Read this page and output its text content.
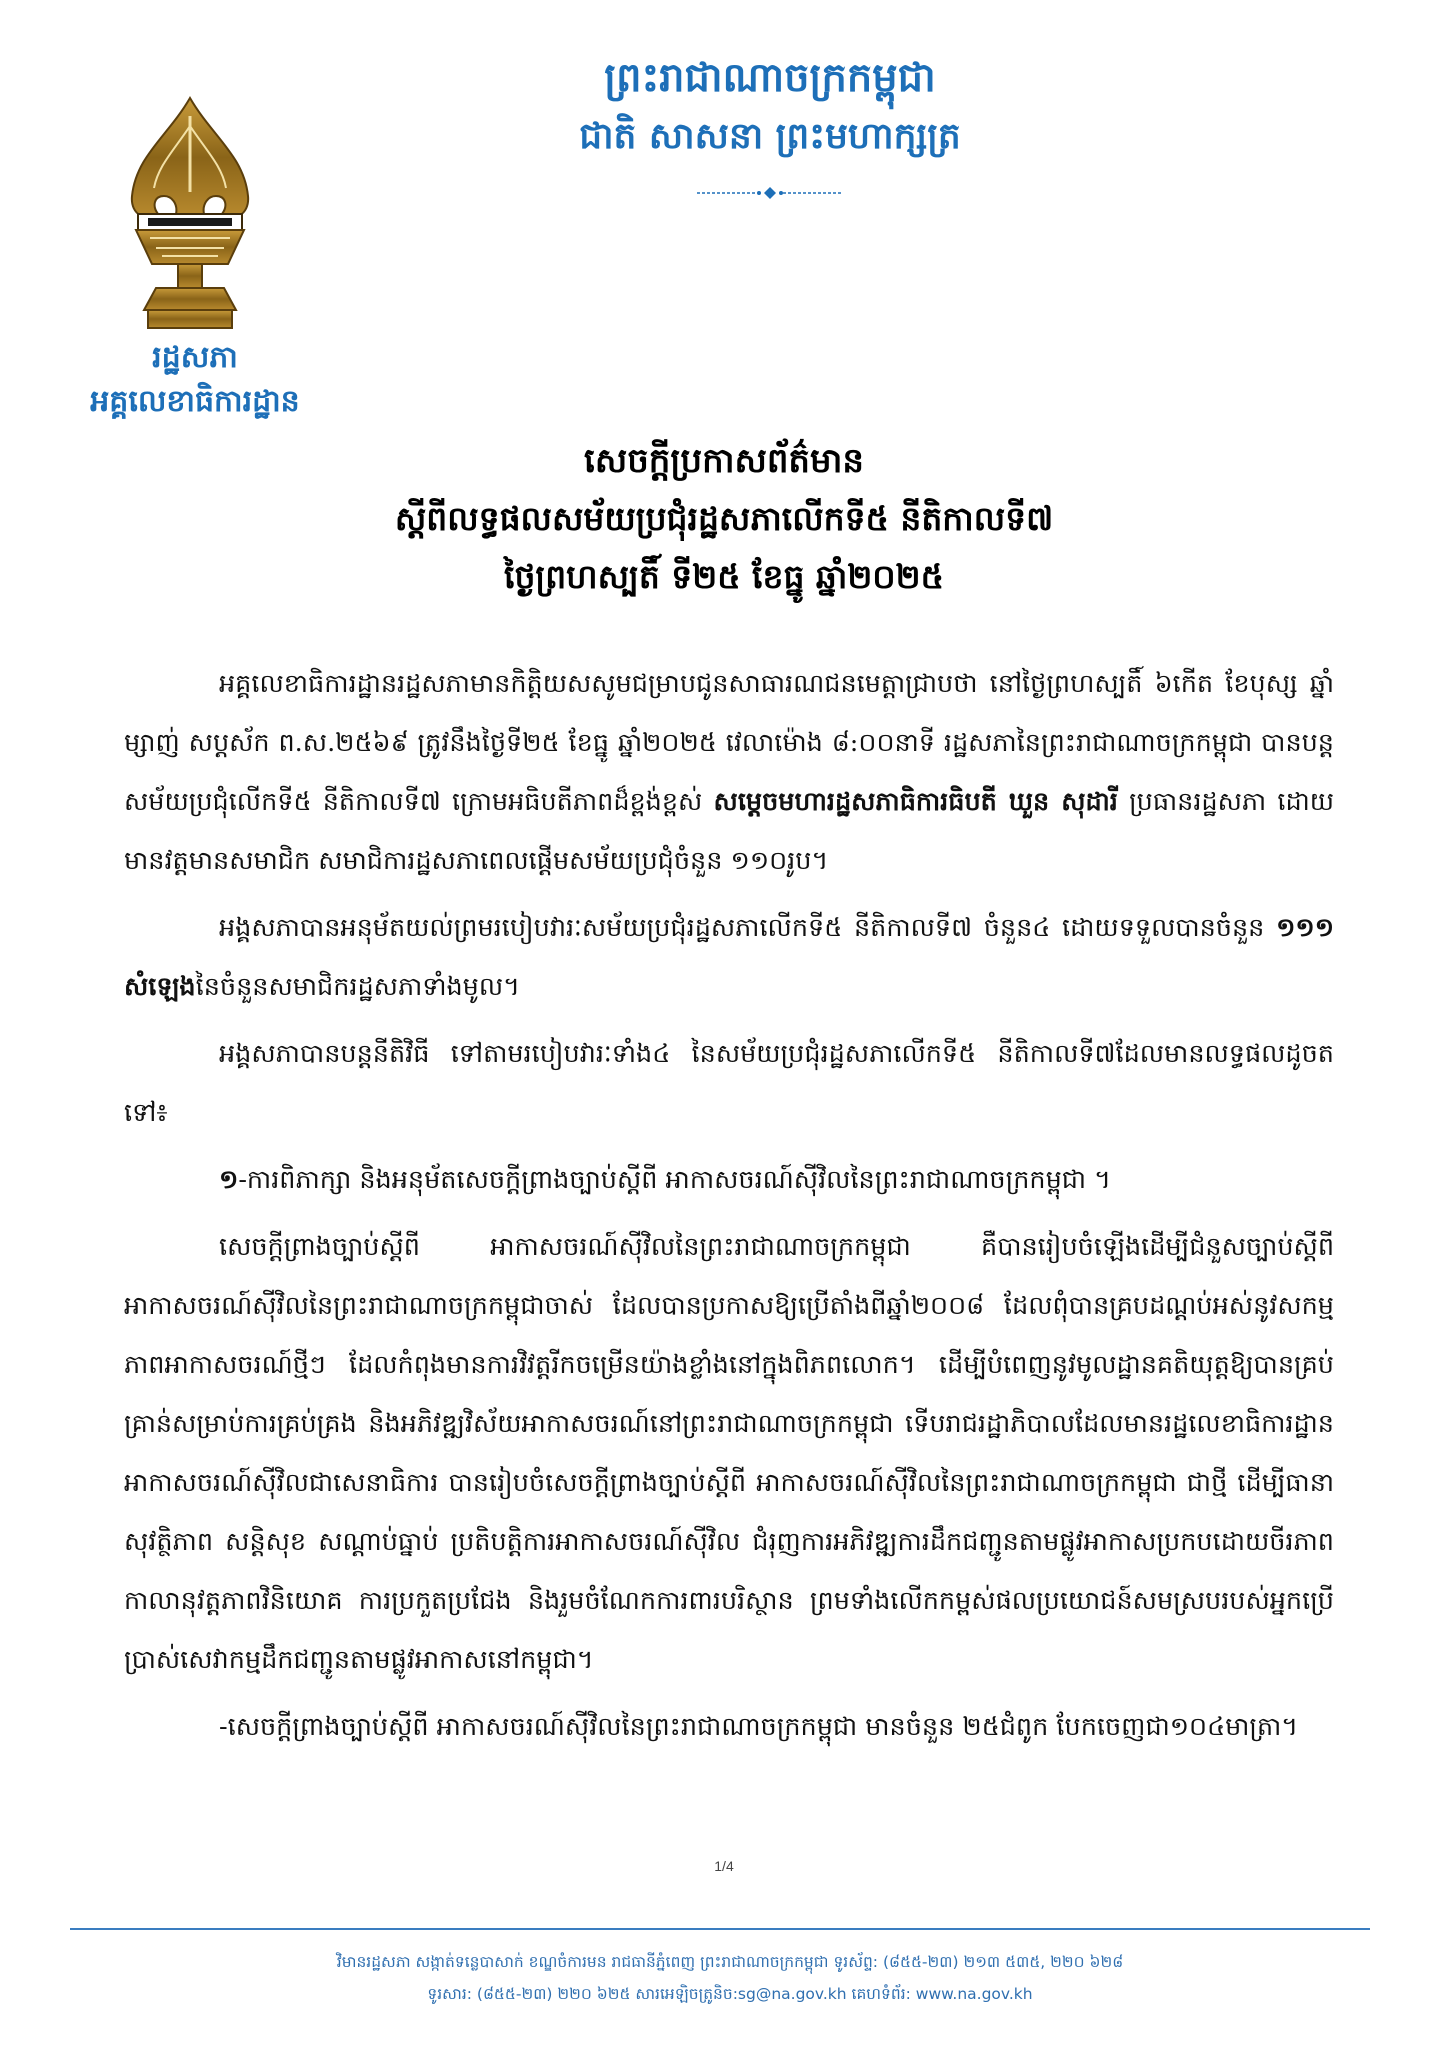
រដ្ឋសភា
អគ្គលេខាធិការដ្ឋាន
ព្រះរាជាណាចក្រកម្ពុជា
ជាតិ សាសនា ព្រះមហាក្សត្រ
សេចក្តីប្រកាសព័ត៌មាន
ស្តីពីលទ្ធផលសម័យប្រជុំរដ្ឋសភាលើកទី៥ នីតិកាលទី៧
ថ្ងៃព្រហស្បតិ៍ ទី២៥ ខែធ្នូ ឆ្នាំ២០២៥

អគ្គលេខាធិការដ្ឋានរដ្ឋសភាមានកិត្តិយសសូមជម្រាបជូនសាធារណជនមេត្តាជ្រាបថា នៅថ្ងៃព្រហស្បតិ៍ ៦កើត ខែបុស្ស ឆ្នាំម្សាញ់ សប្តស័ក ព.ស.២៥៦៩ ត្រូវនឹងថ្ងៃទី២៥ ខែធ្នូ ឆ្នាំ២០២៥ វេលាម៉ោង ៨:០០នាទី រដ្ឋសភានៃព្រះរាជាណាចក្រកម្ពុជា បានបន្តសម័យប្រជុំលើកទី៥ នីតិកាលទី៧ ក្រោមអធិបតីភាពដ៏ខ្ពង់ខ្ពស់ សម្តេចមហារដ្ឋសភាធិការធិបតី ឃួន សុដារី ប្រធានរដ្ឋសភា ដោយមានវត្តមានសមាជិក សមាជិការដ្ឋសភាពេលផ្តើមសម័យប្រជុំចំនួន ១១០រូប។

អង្គសភាបានអនុម័តយល់ព្រមរបៀបវារៈសម័យប្រជុំរដ្ឋសភាលើកទី៥ នីតិកាលទី៧ ចំនួន៤ ដោយទទួលបានចំនួន ១១១ សំឡេងនៃចំនួនសមាជិករដ្ឋសភាទាំងមូល។

អង្គសភាបានបន្តនីតិវិធី ទៅតាមរបៀបវារៈទាំង៤ នៃសម័យប្រជុំរដ្ឋសភាលើកទី៥ នីតិកាលទី៧ដែលមានលទ្ធផលដូចតទៅ៖

១-ការពិភាក្សា និងអនុម័តសេចក្តីព្រាងច្បាប់ស្តីពី អាកាសចរណ៍ស៊ីវិលនៃព្រះរាជាណាចក្រកម្ពុជា ។

សេចក្តីព្រាងច្បាប់ស្តីពី អាកាសចរណ៍ស៊ីវិលនៃព្រះរាជាណាចក្រកម្ពុជា គឺបានរៀបចំឡើងដើម្បីជំនួសច្បាប់ស្តីពី អាកាសចរណ៍ស៊ីវិលនៃព្រះរាជាណាចក្រកម្ពុជាចាស់ ដែលបានប្រកាសឱ្យប្រើតាំងពីឆ្នាំ២០០៨ ដែលពុំបានគ្របដណ្តប់អស់នូវសកម្មភាពអាកាសចរណ៍ថ្មីៗ ដែលកំពុងមានការវិវត្តរីកចម្រើនយ៉ាងខ្លាំងនៅក្នុងពិភពលោក។ ដើម្បីបំពេញនូវមូលដ្ឋានគតិយុត្តឱ្យបានគ្រប់គ្រាន់សម្រាប់ការគ្រប់គ្រង និងអភិវឌ្ឍវិស័យអាកាសចរណ៍នៅព្រះរាជាណាចក្រកម្ពុជា ទើបរាជរដ្ឋាភិបាលដែលមានរដ្ឋលេខាធិការដ្ឋានអាកាសចរណ៍ស៊ីវិលជាសេនាធិការ បានរៀបចំសេចក្តីព្រាងច្បាប់ស្តីពី អាកាសចរណ៍ស៊ីវិលនៃព្រះរាជាណាចក្រកម្ពុជា ជាថ្មី ដើម្បីធានាសុវត្ថិភាព សន្តិសុខ សណ្តាប់ធ្នាប់ ប្រតិបត្តិការអាកាសចរណ៍ស៊ីវិល ជំរុញការអភិវឌ្ឍការដឹកជញ្ជូនតាមផ្លូវអាកាសប្រកបដោយចីរភាព កាលានុវត្តភាពវិនិយោគ ការប្រកួតប្រជែង និងរួមចំណែកការពារបរិស្ថាន ព្រមទាំងលើកកម្ពស់ផលប្រយោជន៍សមស្របរបស់អ្នកប្រើប្រាស់សេវាកម្មដឹកជញ្ជូនតាមផ្លូវអាកាសនៅកម្ពុជា។

-សេចក្តីព្រាងច្បាប់ស្តីពី អាកាសចរណ៍ស៊ីវិលនៃព្រះរាជាណាចក្រកម្ពុជា មានចំនួន ២៥ជំពូក បែកចេញជា១០៤មាត្រា។

1/4
វិមានរដ្ឋសភា សង្កាត់ទន្លេបាសាក់ ខណ្ឌចំការមន រាជធានីភ្នំពេញ ព្រះរាជាណាចក្រកម្ពុជា ទូរស័ព្ទ: (៨៥៥-២៣) ២១៣ ៥៣៥, ២២០ ៦២៨
ទូរសារ: (៨៥៥-២៣) ២២០ ៦២៥ សារអេឡិចត្រូនិច:sg@na.gov.kh គេហទំព័រ: www.na.gov.kh
